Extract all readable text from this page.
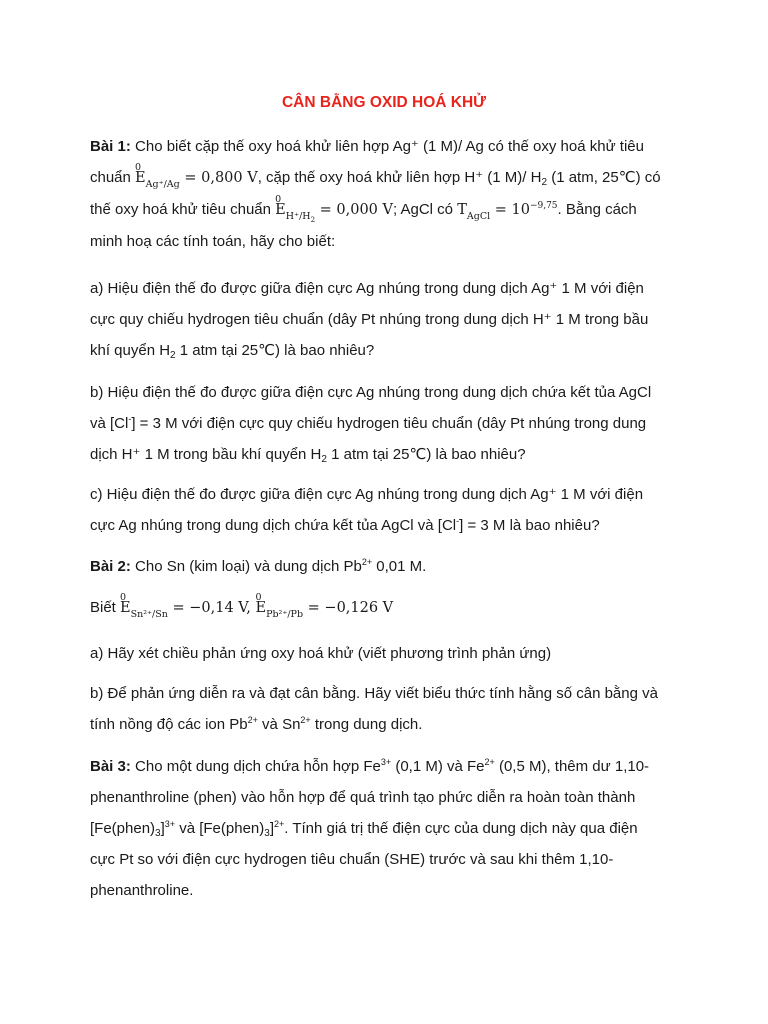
CÂN BẰNG OXID HOÁ KHỬ
Bài 1: Cho biết cặp thế oxy hoá khử liên hợp Ag⁺ (1 M)/ Ag có thế oxy hoá khử tiêu
chuẩn E
0
Ag⁺/Ag = 0,800 V, cặp thế oxy hoá khử liên hợp H⁺ (1 M)/ $H_2$ (1 atm, 25℃) có
thế oxy hoá khử tiêu chuẩn E
0
$H^+/H_2 = 0,000$ V; AgCl có $T_{AgCl} = 10^{-9,75}$. Bằng cách
minh hoạ các tính toán, hãy cho biết:
a) Hiệu điện thế đo được giữa điện cực Ag nhúng trong dung dịch Ag⁺ 1 M với điện
cực quy chiếu hydrogen tiêu chuẩn (dây Pt nhúng trong dung dịch H⁺ 1 M trong bầu
khí quyển $H_2$ 1 atm tại 25℃) là bao nhiêu?
b) Hiệu điện thế đo được giữa điện cực Ag nhúng trong dung dịch chứa kết tủa AgCl
và [Cl-] = 3 M với điện cực quy chiếu hydrogen tiêu chuẩn (dây Pt nhúng trong dung
dịch H⁺ 1 M trong bầu khí quyển $H_2$ 1 atm tại 25℃) là bao nhiêu?
c) Hiệu điện thế đo được giữa điện cực Ag nhúng trong dung dịch Ag⁺ 1 M với điện
cực Ag nhúng trong dung dịch chứa kết tủa AgCl và [Cl-] = 3 M là bao nhiêu?
Bài 2: Cho Sn (kim loại) và dung dịch $Pb^{2+}$ 0,01 M.
Biết E
0
Sn²⁺/Sn = −0,14 V, E
0
Pb²⁺/Pb = −0,126 V
a) Hãy xét chiều phản ứng oxy hoá khử (viết phương trình phản ứng)
b) Để phản ứng diễn ra và đạt cân bằng. Hãy viết biểu thức tính hằng số cân bằng và
tính nồng độ các ion $Pb^{2+}$ và $Sn^{2+}$ trong dung dịch.
Bài 3: Cho một dung dịch chứa hỗn hợp $Fe^{3+}$ (0,1 M) và $Fe^{2+}$ (0,5 M), thêm dư 1,10-
phenanthroline (phen) vào hỗn hợp để quá trình tạo phức diễn ra hoàn toàn thành
$[Fe(phen)_3]^{3+}$ và $[Fe(phen)_3]^{2+}$. Tính giá trị thế điện cực của dung dịch này qua điện
cực Pt so với điện cực hydrogen tiêu chuẩn (SHE) trước và sau khi thêm 1,10-
phenanthroline.
